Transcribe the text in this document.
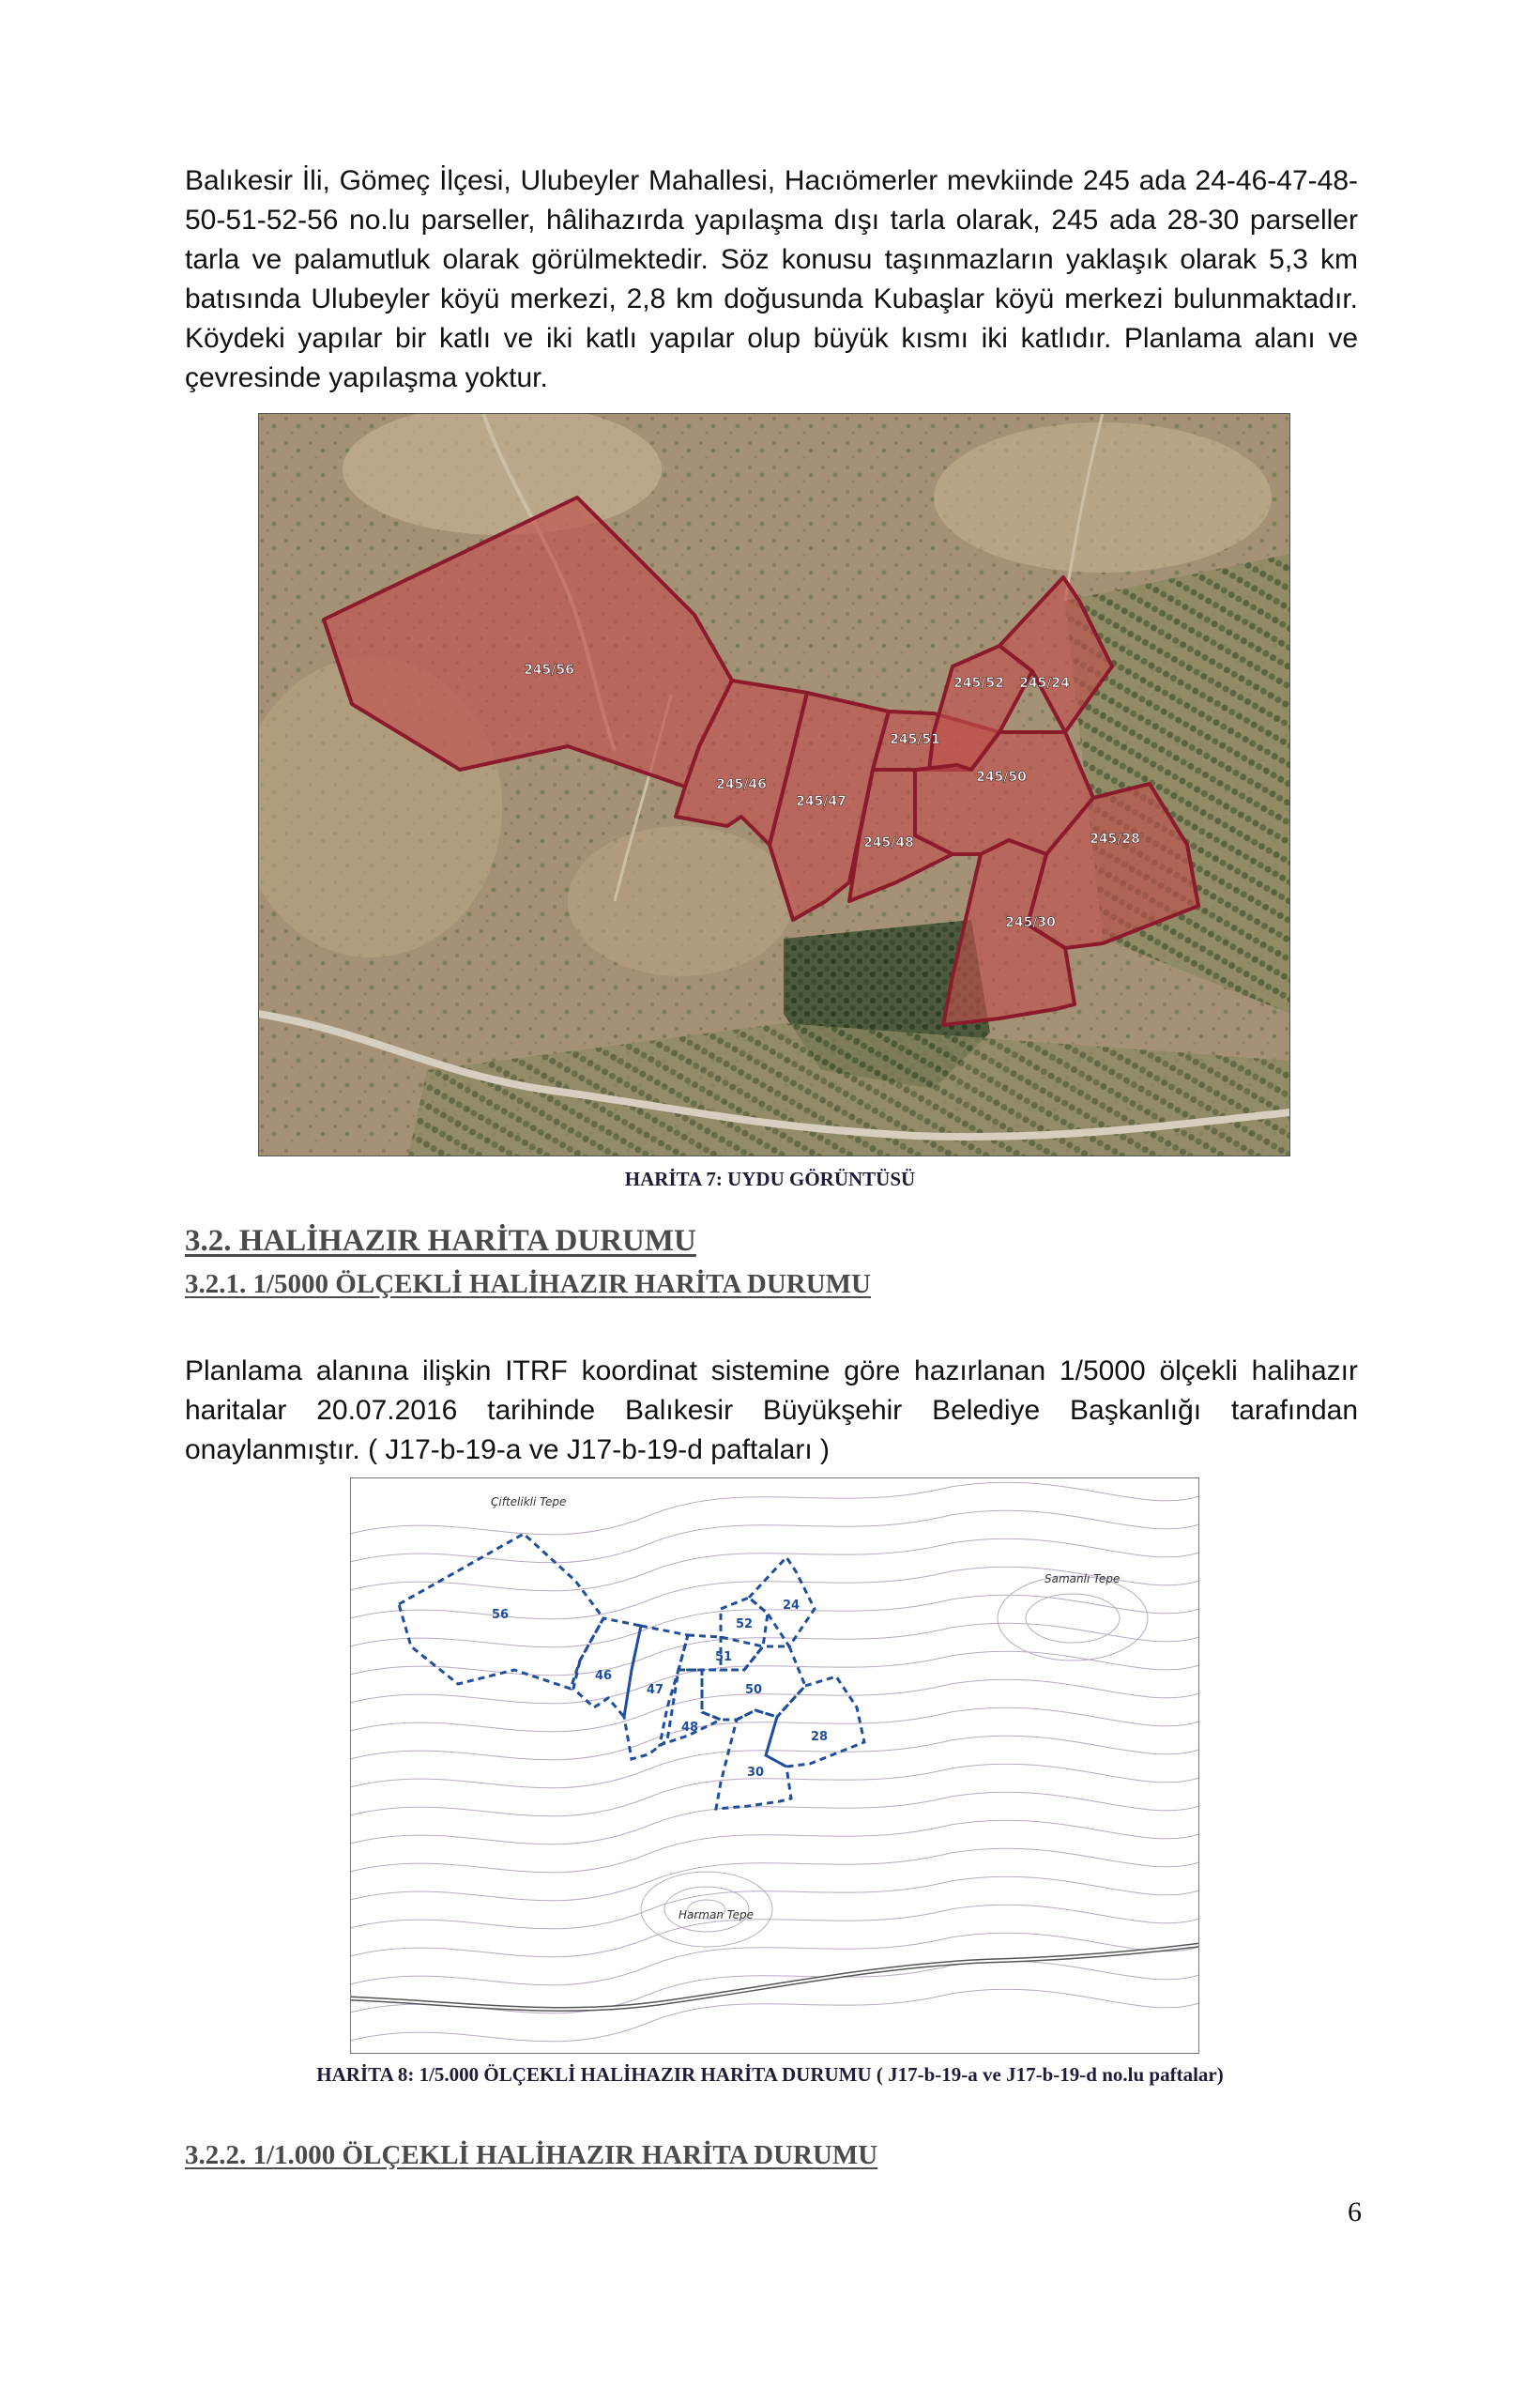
Balıkesir İli, Gömeç İlçesi, Ulubeyler Mahallesi, Hacıömerler mevkiinde 245 ada 24-46-47-48-50-51-52-56 no.lu parseller, hâlihazırda yapılaşma dışı tarla olarak, 245 ada 28-30 parseller tarla ve palamutluk olarak görülmektedir. Söz konusu taşınmazların yaklaşık olarak 5,3 km batısında Ulubeyler köyü merkezi, 2,8 km doğusunda Kubaşlar köyü merkezi bulunmaktadır. Köydeki yapılar bir katlı ve iki katlı yapılar olup büyük kısmı iki katlıdır. Planlama alanı ve çevresinde yapılaşma yoktur.

245/56
245/46
245/47
245/51
245/48
245/52 245/24
245/50
245/28
245/30

HARİTA 7: UYDU GÖRÜNTÜSÜ

3.2. HALİHAZIR HARİTA DURUMU
3.2.1. 1/5000 ÖLÇEKLİ HALİHAZIR HARİTA DURUMU

Planlama alanına ilişkin ITRF koordinat sistemine göre hazırlanan 1/5000 ölçekli halihazır haritalar 20.07.2016 tarihinde Balıkesir Büyükşehir Belediye Başkanlığı tarafından onaylanmıştır. ( J17-b-19-a ve J17-b-19-d paftaları )

Çiftelikli Tepe
Samanlı Tepe
Harman Tepe
56
46
47
51
48
50
52
24
28
30

HARİTA 8: 1/5.000 ÖLÇEKLİ HALİHAZIR HARİTA DURUMU ( J17-b-19-a ve J17-b-19-d no.lu paftalar)

3.2.2. 1/1.000 ÖLÇEKLİ HALİHAZIR HARİTA DURUMU
6
